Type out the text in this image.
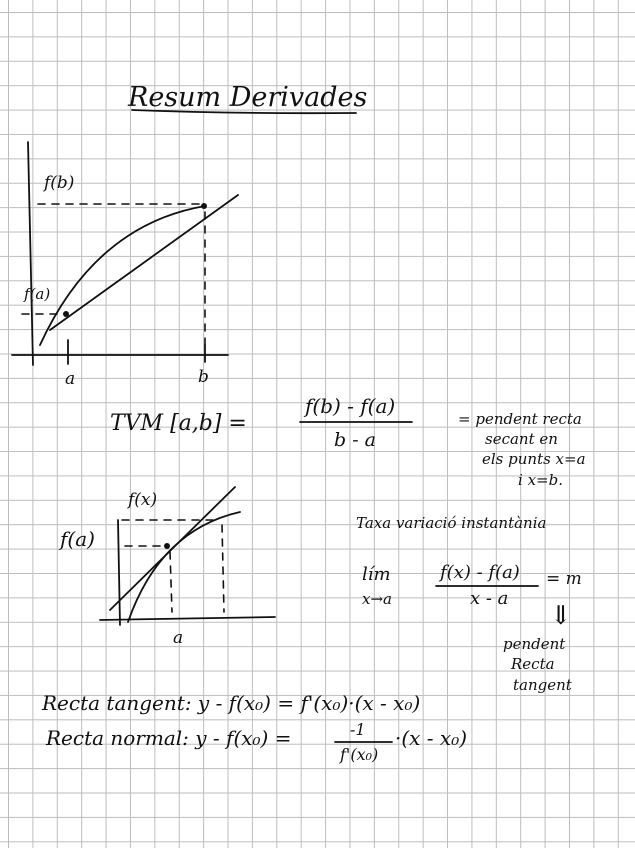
Resum Derivades
f(b)
f(a)
a	b
TVM [a,b] =
f(b) - f(a)
b - a
= pendent recta
secant en
els punts x=a
i x=b.
f(x)
f(a)
a
Taxa variació instantània
lím
x→a
f(x) - f(a)
x - a
= m
⇓
pendent
Recta
tangent
Recta tangent: y - f(x₀) = f'(x₀)·(x - x₀)
Recta normal: y - f(x₀) =	-1
f'(x₀)
·(x - x₀)
